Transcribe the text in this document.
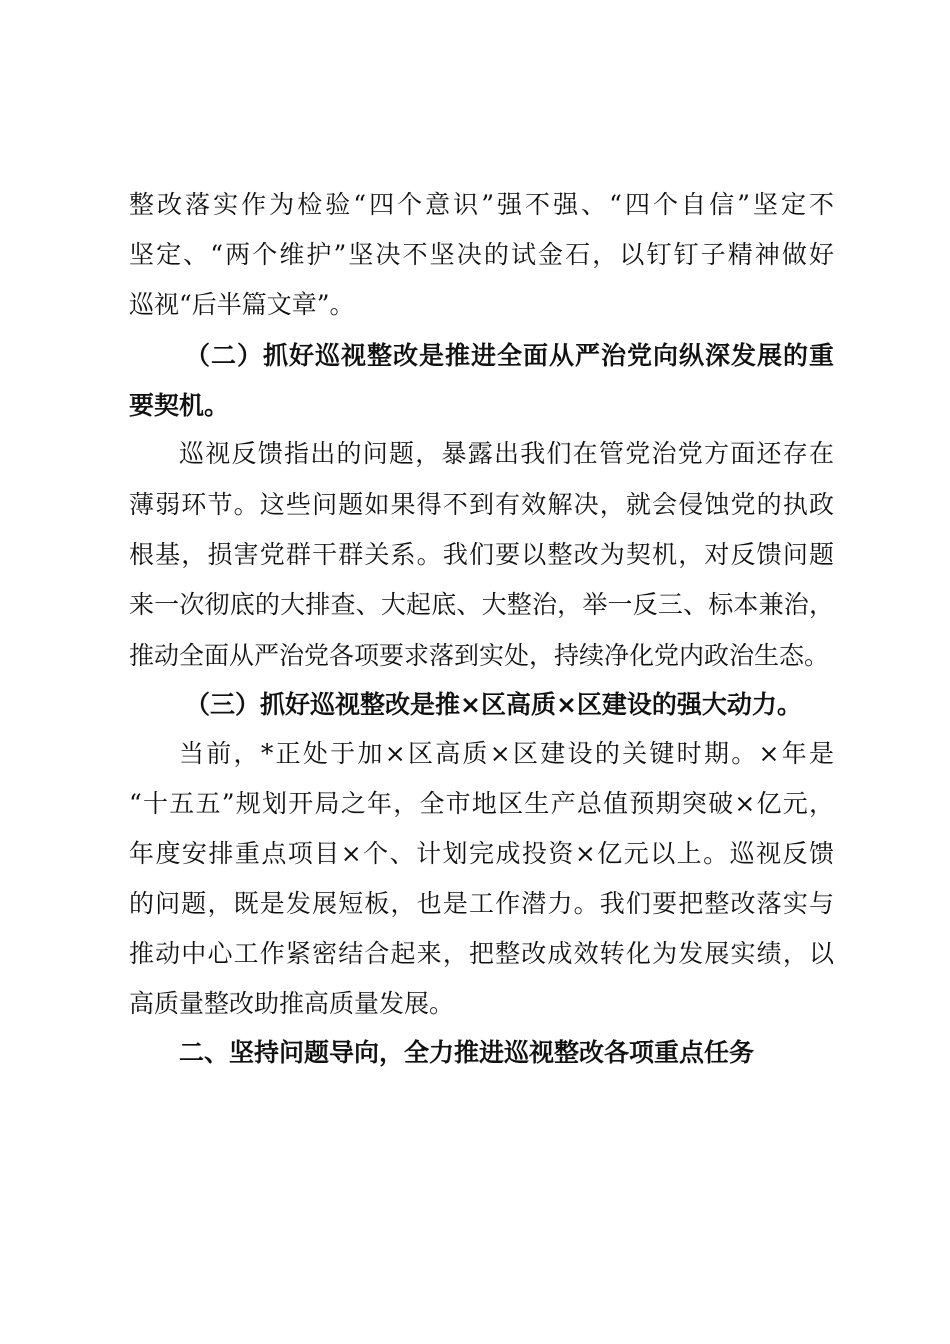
整改落实作为检验“四个意识”强不强、“四个自信”坚定不
坚定、“两个维护”坚决不坚决的试金石，以钉钉子精神做好
巡视“后半篇文章”。
（二）抓好巡视整改是推进全面从严治党向纵深发展的重
要契机。
巡视反馈指出的问题，暴露出我们在管党治党方面还存在
薄弱环节。这些问题如果得不到有效解决，就会侵蚀党的执政
根基，损害党群干群关系。我们要以整改为契机，对反馈问题
来一次彻底的大排查、大起底、大整治，举一反三、标本兼治，
推动全面从严治党各项要求落到实处，持续净化党内政治生态。
（三）抓好巡视整改是推×区高质×区建设的强大动力。
当前，*正处于加×区高质×区建设的关键时期。×年是
“十五五”规划开局之年，全市地区生产总值预期突破×亿元，
年度安排重点项目×个、计划完成投资×亿元以上。巡视反馈
的问题，既是发展短板，也是工作潜力。我们要把整改落实与
推动中心工作紧密结合起来，把整改成效转化为发展实绩，以
高质量整改助推高质量发展。
二、坚持问题导向，全力推进巡视整改各项重点任务
